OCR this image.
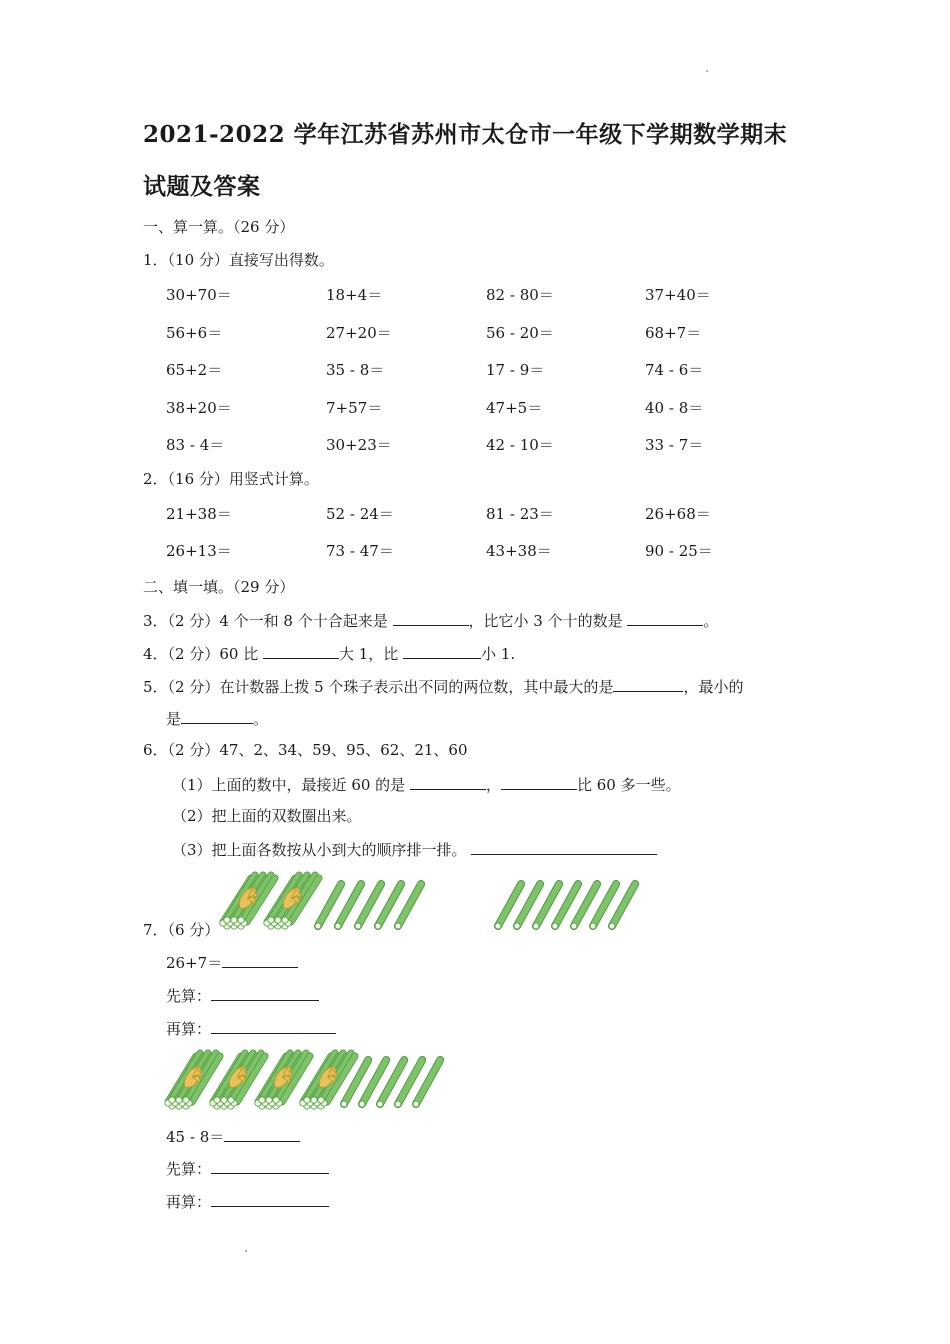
2021-2022 学年江苏省苏州市太仓市一年级下学期数学期末
试题及答案
一、算一算。（26 分）
1．（10 分）直接写出得数。
30+70＝	18+4＝	82 - 80＝	37+40＝
56+6＝	27+20＝	56 - 20＝	68+7＝
65+2＝	35 - 8＝	17 - 9＝	74 - 6＝
38+20＝	7+57＝	47+5＝	40 - 8＝
83 - 4＝	30+23＝	42 - 10＝	33 - 7＝
2．（16 分）用竖式计算。
21+38＝	52 - 24＝	81 - 23＝	26+68＝
26+13＝	73 - 47＝	43+38＝	90 - 25＝
二、填一填。（29 分）
3．（2 分）4 个一和 8 个十合起来是	，比它小 3 个十的数是	。
4．（2 分）60 比	大 1，比	小 1.
5．（2 分）在计数器上拨 5 个珠子表示出不同的两位数，其中最大的是	，最小的
是	。
6．（2 分）47、2、34、59、95、62、21、60
（1）上面的数中，最接近 60 的是	，	比 60 多一些。
（2）把上面的双数圈出来。
（3）把上面各数按从小到大的顺序排一排。
7．（6 分）
26+7＝
先算：
再算：
45 - 8＝
先算：
再算：
